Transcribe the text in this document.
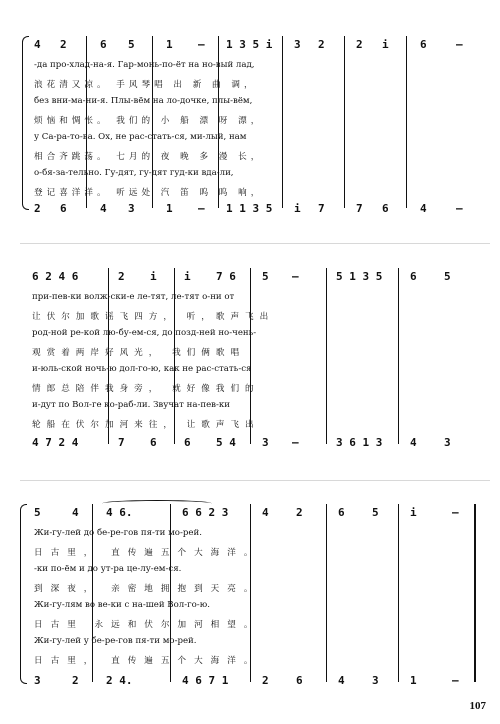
4 2	6 5	1 – 1 3 5 i 3 2	2 i	6	–
-да про-хлад-на-я. Гар-монь-по-ёт на но-вый лад,
浪花清又凉。 手风琴唱 出 新 曲 调，
без вни-ма-ни-я. Плы-вём на ло-дочке, плы-вём,
烦恼和惆怅。 我们的 小 船 漂 呀 漂，
у Са-ра-то-ва. Ох, не рас-стать-ся, ми-лый, нам
相合齐跳荡。 七月的 夜 晚 多 漫 长，
о-бя-за-тельно. Гу-дят, гу-дят гуд-ки вда-ли,
登记喜洋洋。 听远处 汽 笛 呜 呜 响，
2 6	4 3	1 – 1 1 3 5 i 7	7 6	4	–
6 2 4 6	2 i i 7 6 5 –	5 1 3 5	6 5
при-пев-ки волж-ски-е ле-тят, ле-тят о-ни от
让伏尔加歌谣飞四方， 听，歌声飞出
род-ной ре-кой лю-бу-ем-ся, до позд-ней но-чень-
观赏着两岸好风光， 我们俩歌唱
и-юль-ской ночь-ю дол-го-ю, как не рас-стать-ся
情郎总陪伴我身旁， 就好像我们的
и-дут по Вол-ге ко-раб-ли. Звучат на-пев-ки
轮船在伏尔加河来往， 让歌声飞出
4 7 2 4	7 6 6 5 4 3 –	3 6 1 3	4 3
5	4 4 6.	6 6 2 3	4 2	6 5	i	–
Жи-гу-лей до бе-ре-гов пя-ти мо-рей.
日古里， 直传遍五个大海洋。
-ки по-ём и до ут-ра це-лу-ем-ся.
到深夜， 亲密地拥抱到天亮。
Жи-гу-лям во ве-ки с на-шей Вол-го-ю.
日古里 永远和伏尔加河相望。
Жи-гу-лей у бе-ре-гов пя-ти мо-рей.
日古里， 直传遍五个大海洋。
3	2 2 4.	4 6 7 1	2 6	4 3	1	–
107
